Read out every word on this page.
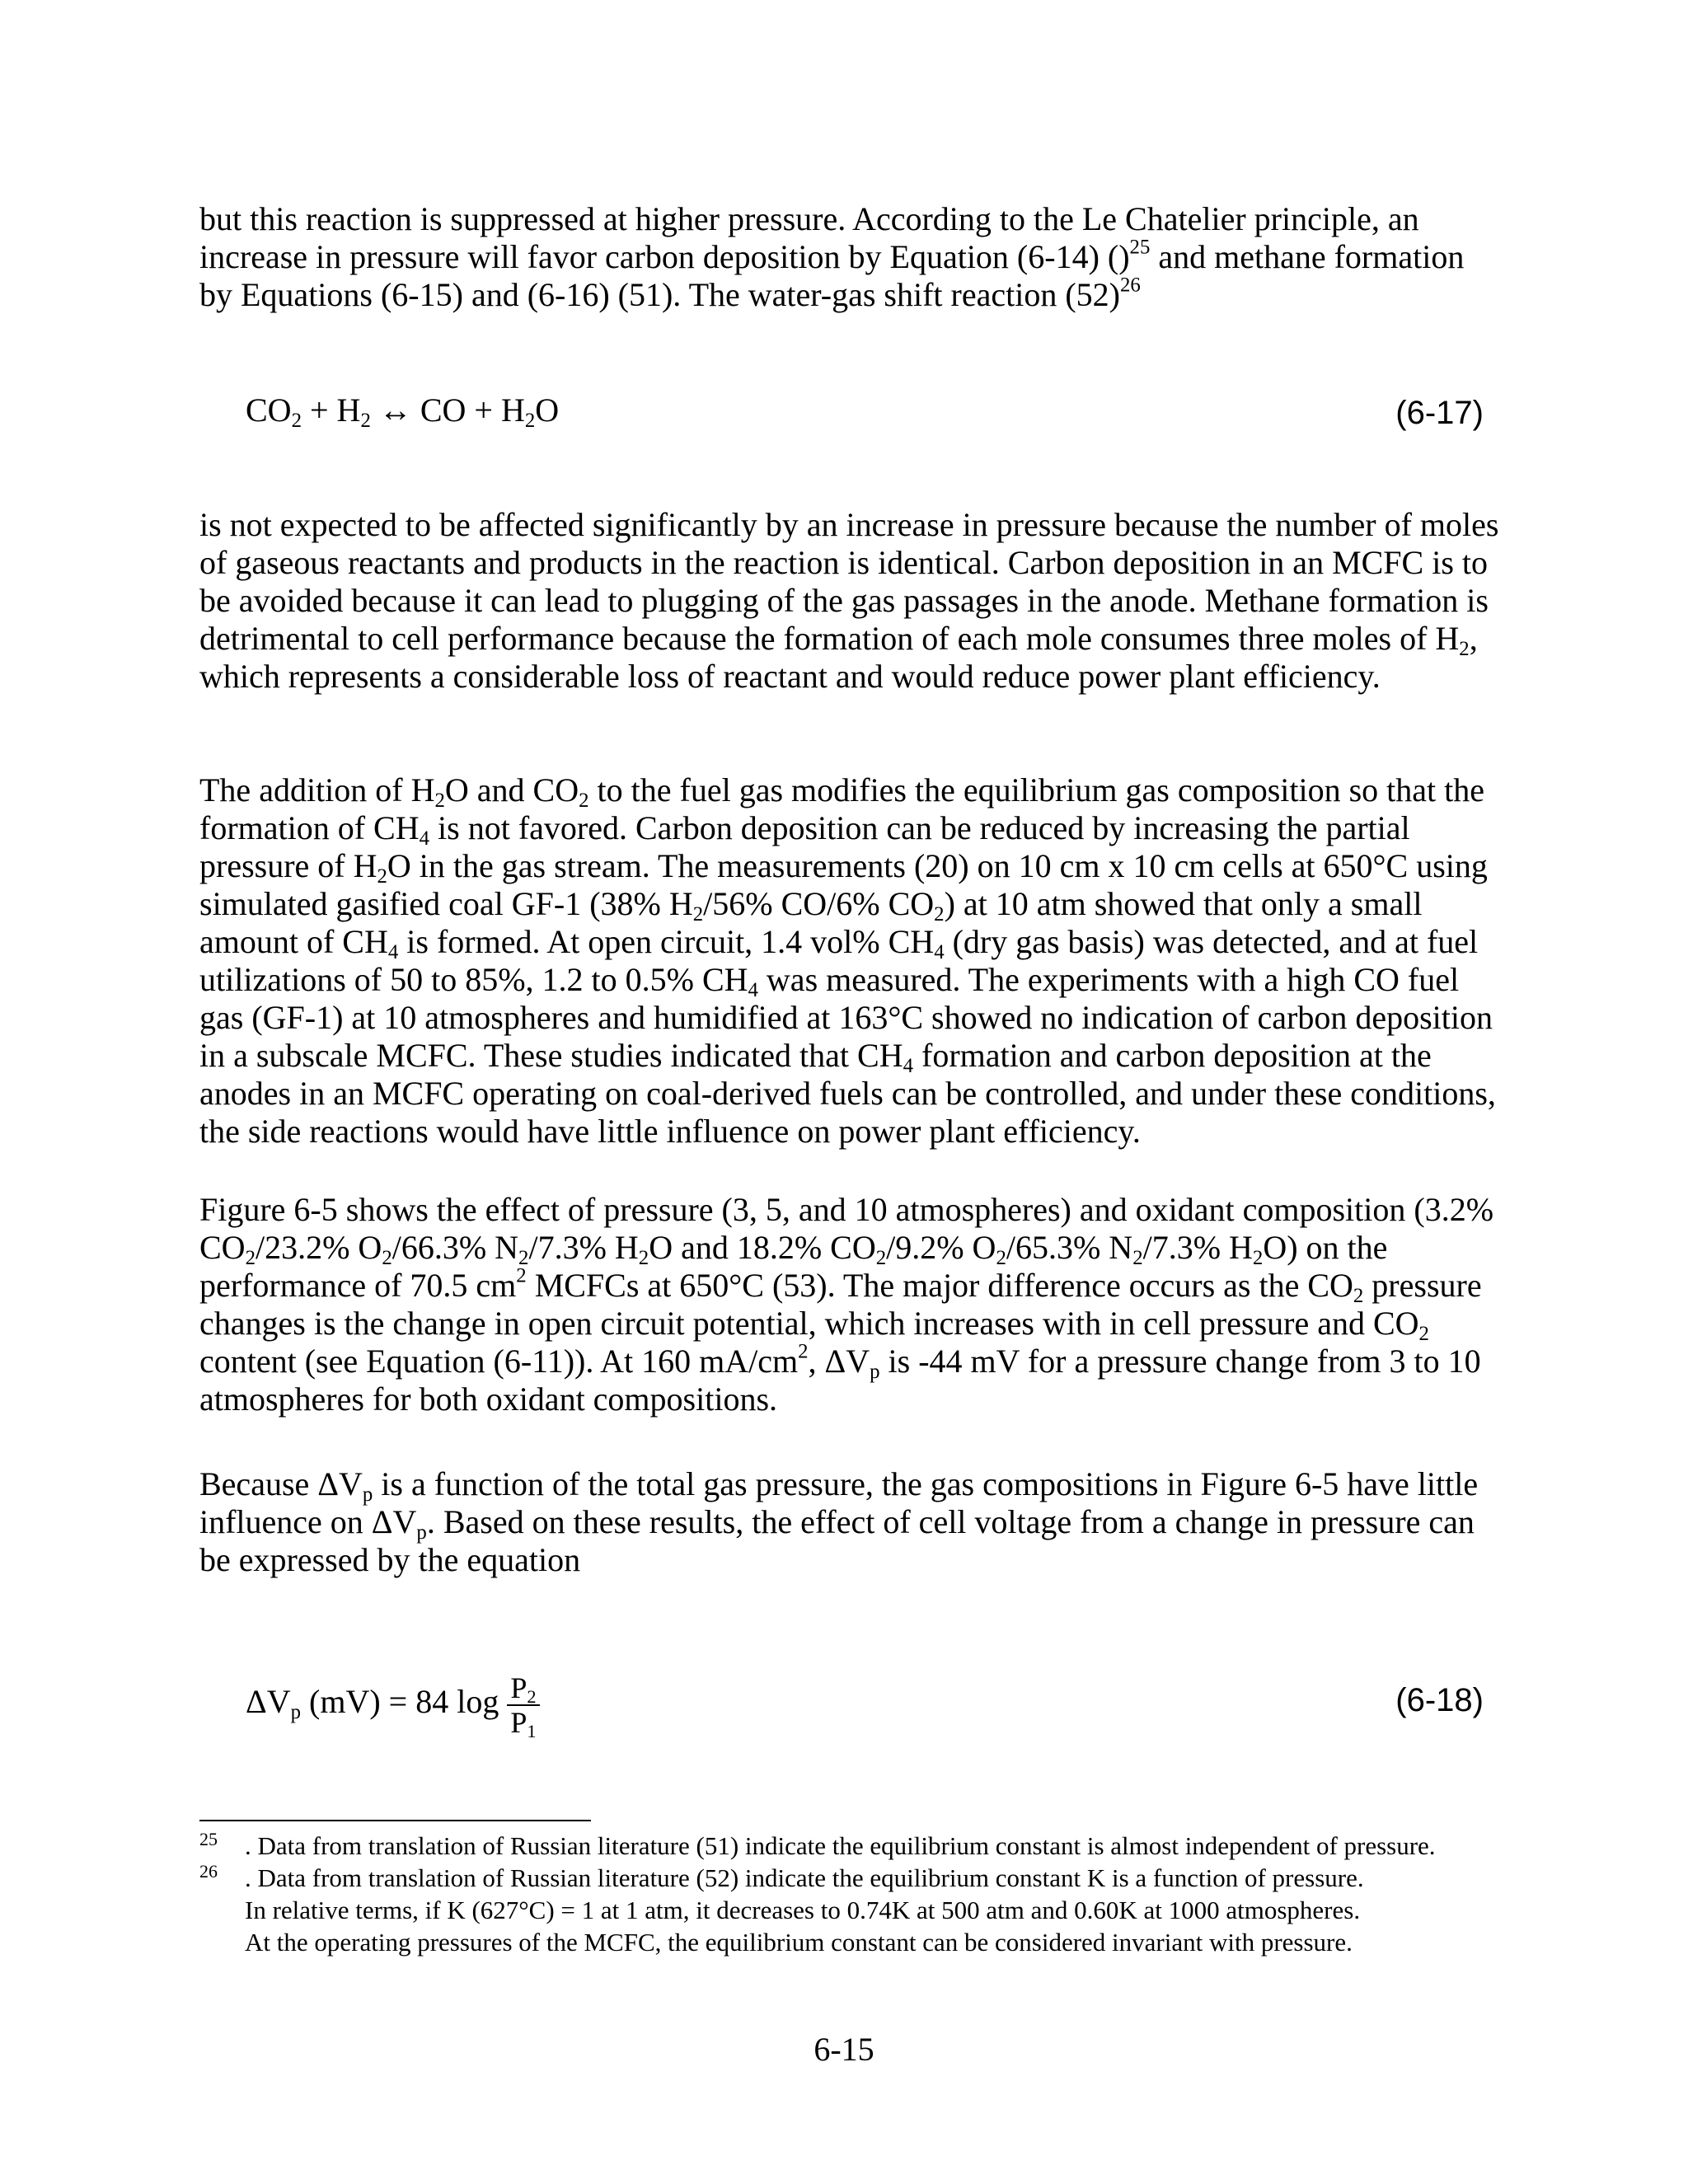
but this reaction is suppressed at higher pressure. According to the Le Chatelier principle, an increase in pressure will favor carbon deposition by Equation (6-14) ()$^{25}$ and methane formation by Equations (6-15) and (6-16) (51). The water-gas shift reaction $(52)^{26}$

$CO_2 + H_2$ ↔ CO + $H_2O$	(6-17)

is not expected to be affected significantly by an increase in pressure because the number of moles of gaseous reactants and products in the reaction is identical. Carbon deposition in an MCFC is to be avoided because it can lead to plugging of the gas passages in the anode. Methane formation is detrimental to cell performance because the formation of each mole consumes three moles of $H_2$, which represents a considerable loss of reactant and would reduce power plant efficiency.

The addition of $H_2O$ and $CO_2$ to the fuel gas modifies the equilibrium gas composition so that the formation of $CH_4$ is not favored. Carbon deposition can be reduced by increasing the partial pressure of $H_2O$ in the gas stream. The measurements (20) on 10 cm x 10 cm cells at 650°C using simulated gasified coal GF-1 (38% $H_2/56\%$ CO/6% $CO_2$) at 10 atm showed that only a small amount of $CH_4$ is formed. At open circuit, 1.4 vol% $CH_4$ (dry gas basis) was detected, and at fuel utilizations of 50 to 85%, 1.2 to 0.5% $CH_4$ was measured. The experiments with a high CO fuel gas (GF-1) at 10 atmospheres and humidified at 163°C showed no indication of carbon deposition in a subscale MCFC. These studies indicated that $CH_4$ formation and carbon deposition at the anodes in an MCFC operating on coal-derived fuels can be controlled, and under these conditions, the side reactions would have little influence on power plant efficiency.

Figure 6-5 shows the effect of pressure (3, 5, and 10 atmospheres) and oxidant composition (3.2% $CO_2/23.2\%$ $O_2/66.3\%$ $N_2/7.3\%$ $H_2O$ and 18.2% $CO_2/9.2\%$ $O_2/65.3\%$ $N_2/7.3\%$ $H_2O$) on the performance of 70.5 $cm^2$ MCFCs at 650°C (53). The major difference occurs as the $CO_2$ pressure changes is the change in open circuit potential, which increases with in cell pressure and $CO_2$ content (see Equation (6-11)). At 160 $mA/cm^2$, $\Delta V_p$ is -44 mV for a pressure change from 3 to 10 atmospheres for both oxidant compositions.

Because $\Delta V_p$ is a function of the total gas pressure, the gas compositions in Figure 6-5 have little influence on $\Delta V_p$. Based on these results, the effect of cell voltage from a change in pressure can be expressed by the equation

$\Delta V_p$ (mV) = 84 $\log \frac{P_2}{P_1}$	(6-18)
25 . Data from translation of Russian literature (51) indicate the equilibrium constant is almost independent of pressure.
26 . Data from translation of Russian literature (52) indicate the equilibrium constant K is a function of pressure.
In relative terms, if K (627°C) = 1 at 1 atm, it decreases to 0.74K at 500 atm and 0.60K at 1000 atmospheres.
At the operating pressures of the MCFC, the equilibrium constant can be considered invariant with pressure.
6-15
